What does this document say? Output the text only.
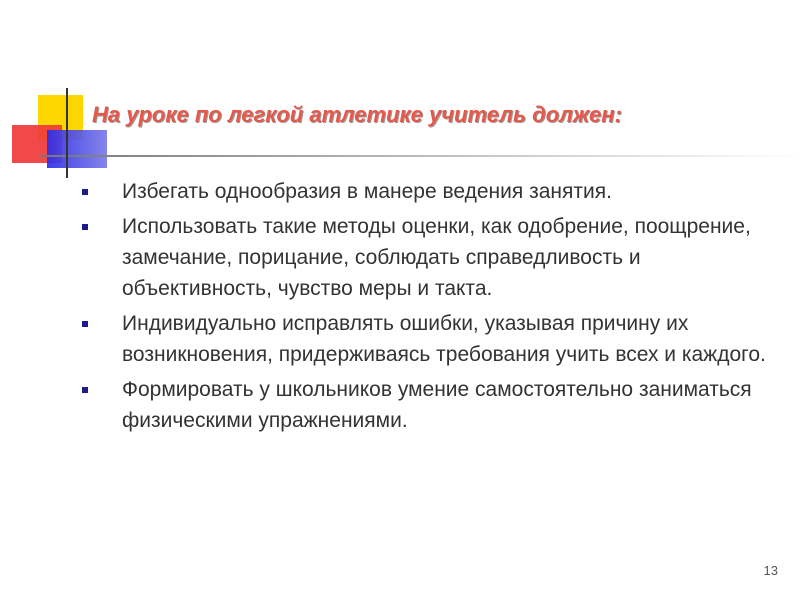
На уроке по легкой атлетике учитель должен:
Избегать однообразия в манере ведения занятия.
Использовать такие методы оценки, как одобрение, поощрение, замечание, порицание, соблюдать справедливость и объективность, чувство меры и такта.
Индивидуально исправлять ошибки, указывая причину их возникновения, придерживаясь требования учить всех и каждого.
Формировать у школьников умение самостоятельно заниматься физическими упражнениями.
13
